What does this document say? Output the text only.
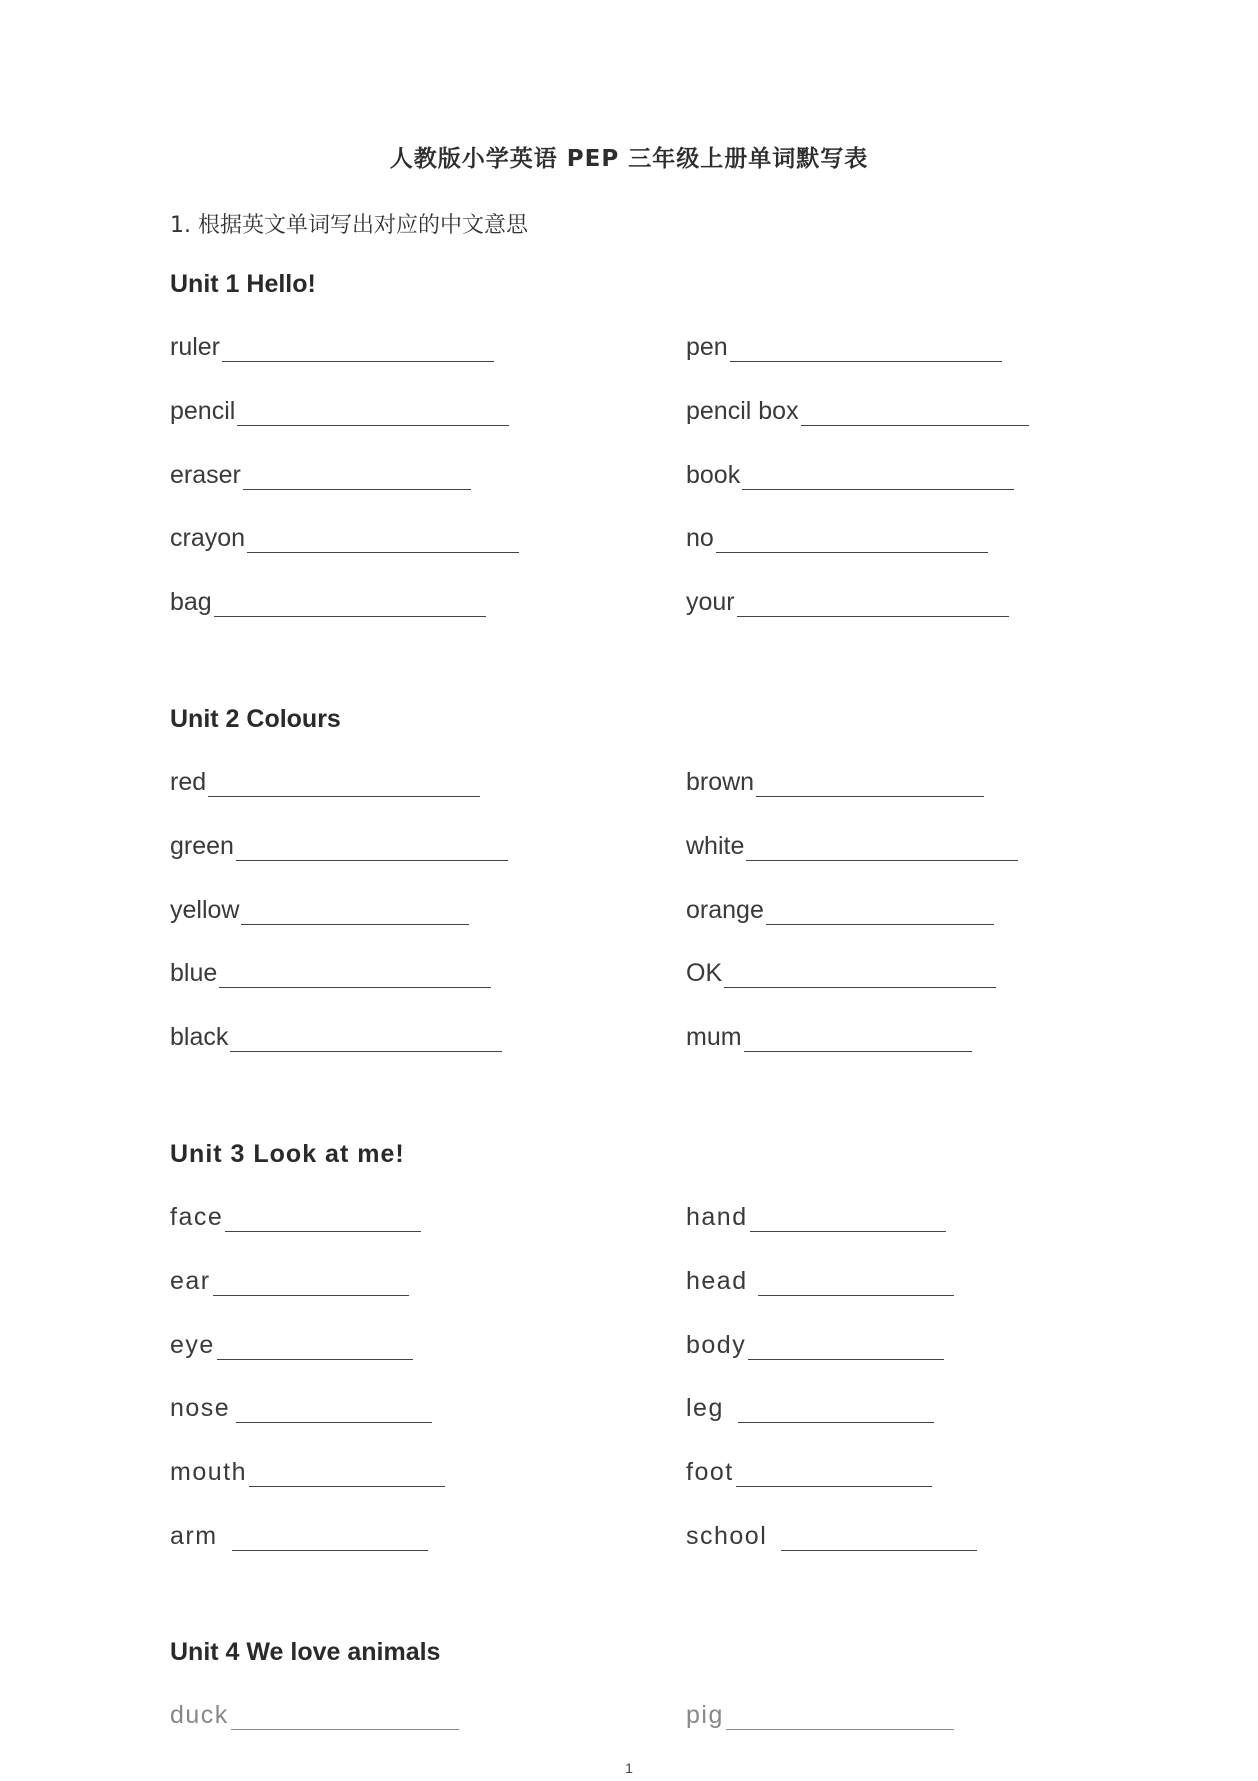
人教版小学英语 PEP 三年级上册单词默写表
1. 根据英文单词写出对应的中文意思
Unit 1 Hello!
ruler	pen
pencil	pencil box
eraser	book
crayon	no
bag	your
Unit 2 Colours
red	brown
green	white
yellow	orange
blue	OK
black	mum
Unit 3 Look at me!
face	hand
ear	head
eye	body
nose	leg
mouth	foot
arm	school
Unit 4 We love animals
duck	pig
1
